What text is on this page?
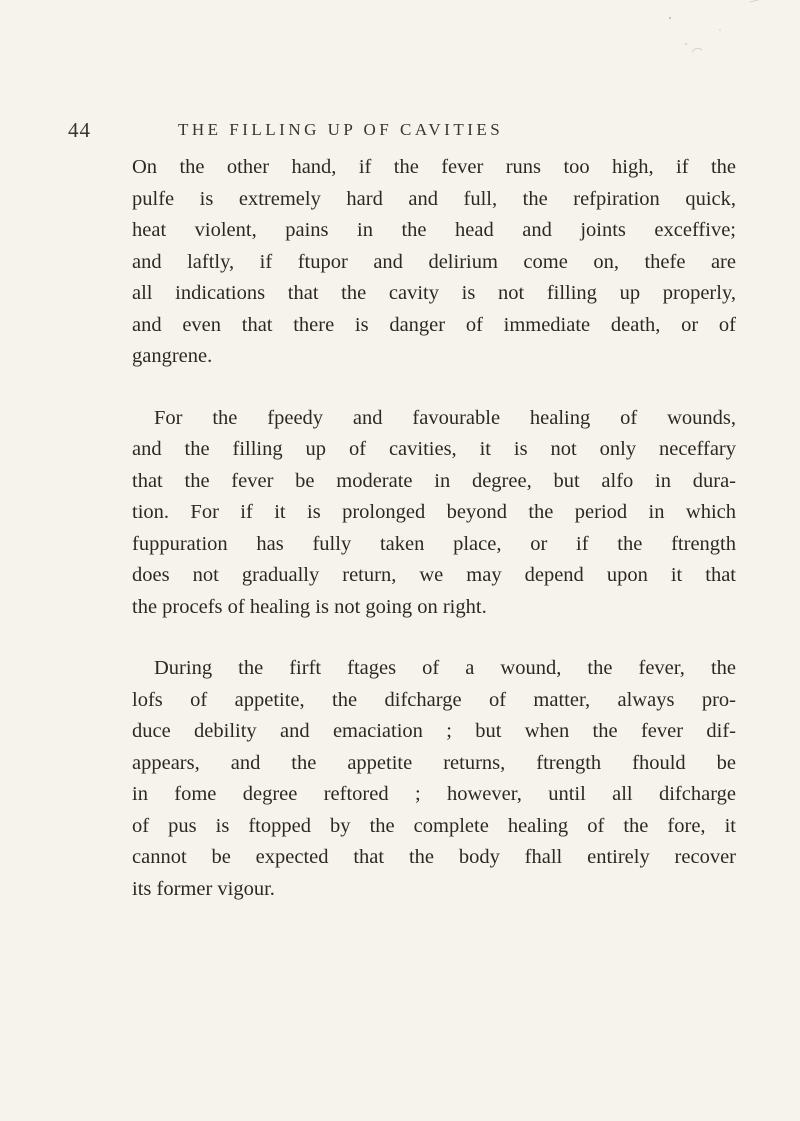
44	THE FILLING UP OF CAVITIES

On the other hand, if the fever runs too high, if the
pulfe is extremely hard and full, the refpiration quick,
heat violent, pains in the head and joints exceffive;
and laftly, if ftupor and delirium come on, thefe are
all indications that the cavity is not filling up properly,
and even that there is danger of immediate death, or of
gangrene.

For the fpeedy and favourable healing of wounds,
and the filling up of cavities, it is not only neceffary
that the fever be moderate in degree, but alfo in dura-
tion. For if it is prolonged beyond the period in which
fuppuration has fully taken place, or if the ftrength
does not gradually return, we may depend upon it that
the procefs of healing is not going on right.

During the firft ftages of a wound, the fever, the
lofs of appetite, the difcharge of matter, always pro-
duce debility and emaciation ; but when the fever dif-
appears, and the appetite returns, ftrength fhould be
in fome degree reftored ; however, until all difcharge
of pus is ftopped by the complete healing of the fore, it
cannot be expected that the body fhall entirely recover
its former vigour.
